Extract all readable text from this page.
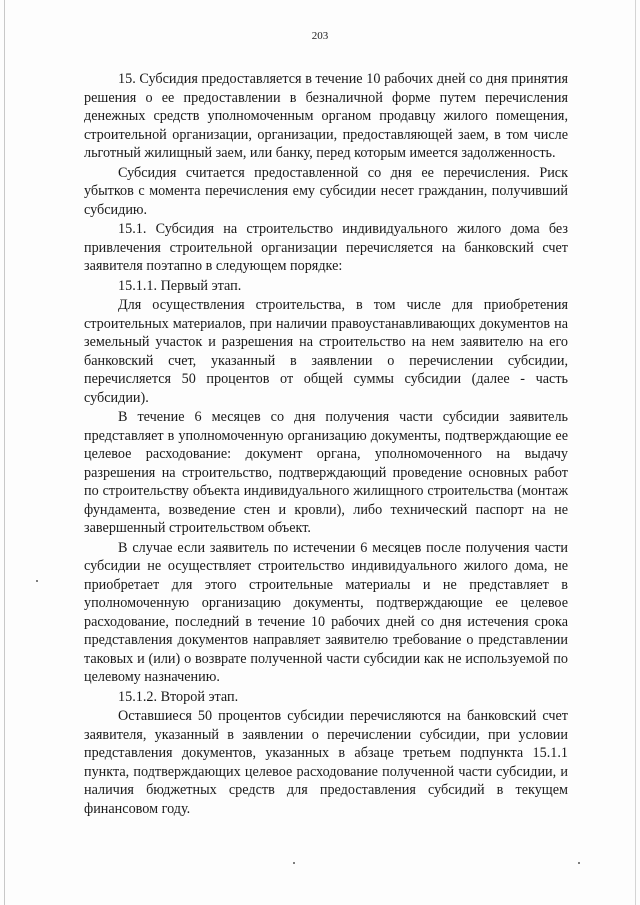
203

15. Субсидия предоставляется в течение 10 рабочих дней со дня принятия решения о ее предоставлении в безналичной форме путем перечисления денежных средств уполномоченным органом продавцу жилого помещения, строительной организации, организации, предоставляющей заем, в том числе льготный жилищный заем, или банку, перед которым имеется задолженность.

Субсидия считается предоставленной со дня ее перечисления. Риск убытков с момента перечисления ему субсидии несет гражданин, получивший субсидию.

15.1. Субсидия на строительство индивидуального жилого дома без привлечения строительной организации перечисляется на банковский счет заявителя поэтапно в следующем порядке:

15.1.1. Первый этап.

Для осуществления строительства, в том числе для приобретения строительных материалов, при наличии правоустанавливающих документов на земельный участок и разрешения на строительство на нем заявителю на его банковский счет, указанный в заявлении о перечислении субсидии, перечисляется 50 процентов от общей суммы субсидии (далее - часть субсидии).

В течение 6 месяцев со дня получения части субсидии заявитель представляет в уполномоченную организацию документы, подтверждающие ее целевое расходование: документ органа, уполномоченного на выдачу разрешения на строительство, подтверждающий проведение основных работ по строительству объекта индивидуального жилищного строительства (монтаж фундамента, возведение стен и кровли), либо технический паспорт на не завершенный строительством объект.

В случае если заявитель по истечении 6 месяцев после получения части субсидии не осуществляет строительство индивидуального жилого дома, не приобретает для этого строительные материалы и не представляет в уполномоченную организацию документы, подтверждающие ее целевое расходование, последний в течение 10 рабочих дней со дня истечения срока представления документов направляет заявителю требование о представлении таковых и (или) о возврате полученной части субсидии как не используемой по целевому назначению.

15.1.2. Второй этап.

Оставшиеся 50 процентов субсидии перечисляются на банковский счет заявителя, указанный в заявлении о перечислении субсидии, при условии представления документов, указанных в абзаце третьем подпункта 15.1.1 пункта, подтверждающих целевое расходование полученной части субсидии, и наличия бюджетных средств для предоставления субсидий в текущем финансовом году.
